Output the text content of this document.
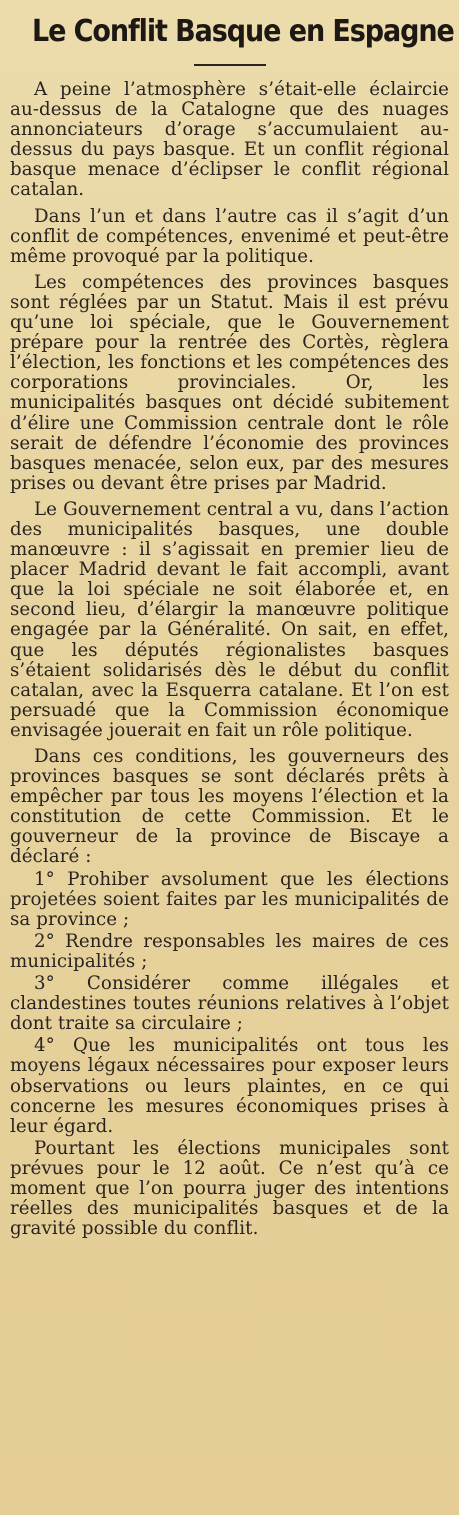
Le Conflit Basque en Espagne

A peine l’atmosphère s’était-elle éclaircie au-dessus de la Catalogne que des nuages annonciateurs d’orage s’accumulaient au-dessus du pays basque. Et un conflit régional basque menace d’éclipser le conflit régional catalan.

Dans l’un et dans l’autre cas il s’agit d’un conflit de compétences, envenimé et peut-être même provoqué par la politique.

Les compétences des provinces basques sont réglées par un Statut. Mais il est prévu qu’une loi spéciale, que le Gouvernement prépare pour la rentrée des Cortès, règlera l’élection, les fonctions et les compétences des corporations provinciales. Or, les municipalités basques ont décidé subitement d’élire une Commission centrale dont le rôle serait de défendre l’économie des provinces basques menacée, selon eux, par des mesures prises ou devant être prises par Madrid.

Le Gouvernement central a vu, dans l’action des municipalités basques, une double manœuvre : il s’agissait en premier lieu de placer Madrid devant le fait accompli, avant que la loi spéciale ne soit élaborée et, en second lieu, d’élargir la manœuvre politique engagée par la Généralité. On sait, en effet, que les députés régionalistes basques s’étaient solidarisés dès le début du conflit catalan, avec la Esquerra catalane. Et l’on est persuadé que la Commission économique envisagée jouerait en fait un rôle politique.

Dans ces conditions, les gouverneurs des provinces basques se sont déclarés prêts à empêcher par tous les moyens l’élection et la constitution de cette Commission. Et le gouverneur de la province de Biscaye a déclaré :

1° Prohiber avsolument que les élections projetées soient faites par les municipalités de sa province ;

2° Rendre responsables les maires de ces municipalités ;

3° Considérer comme illégales et clandestines toutes réunions relatives à l’objet dont traite sa circulaire ;

4° Que les municipalités ont tous les moyens légaux nécessaires pour exposer leurs observations ou leurs plaintes, en ce qui concerne les mesures économiques prises à leur égard.

Pourtant les élections municipales sont prévues pour le 12 août. Ce n’est qu’à ce moment que l’on pourra juger des intentions réelles des municipalités basques et de la gravité possible du conflit.
